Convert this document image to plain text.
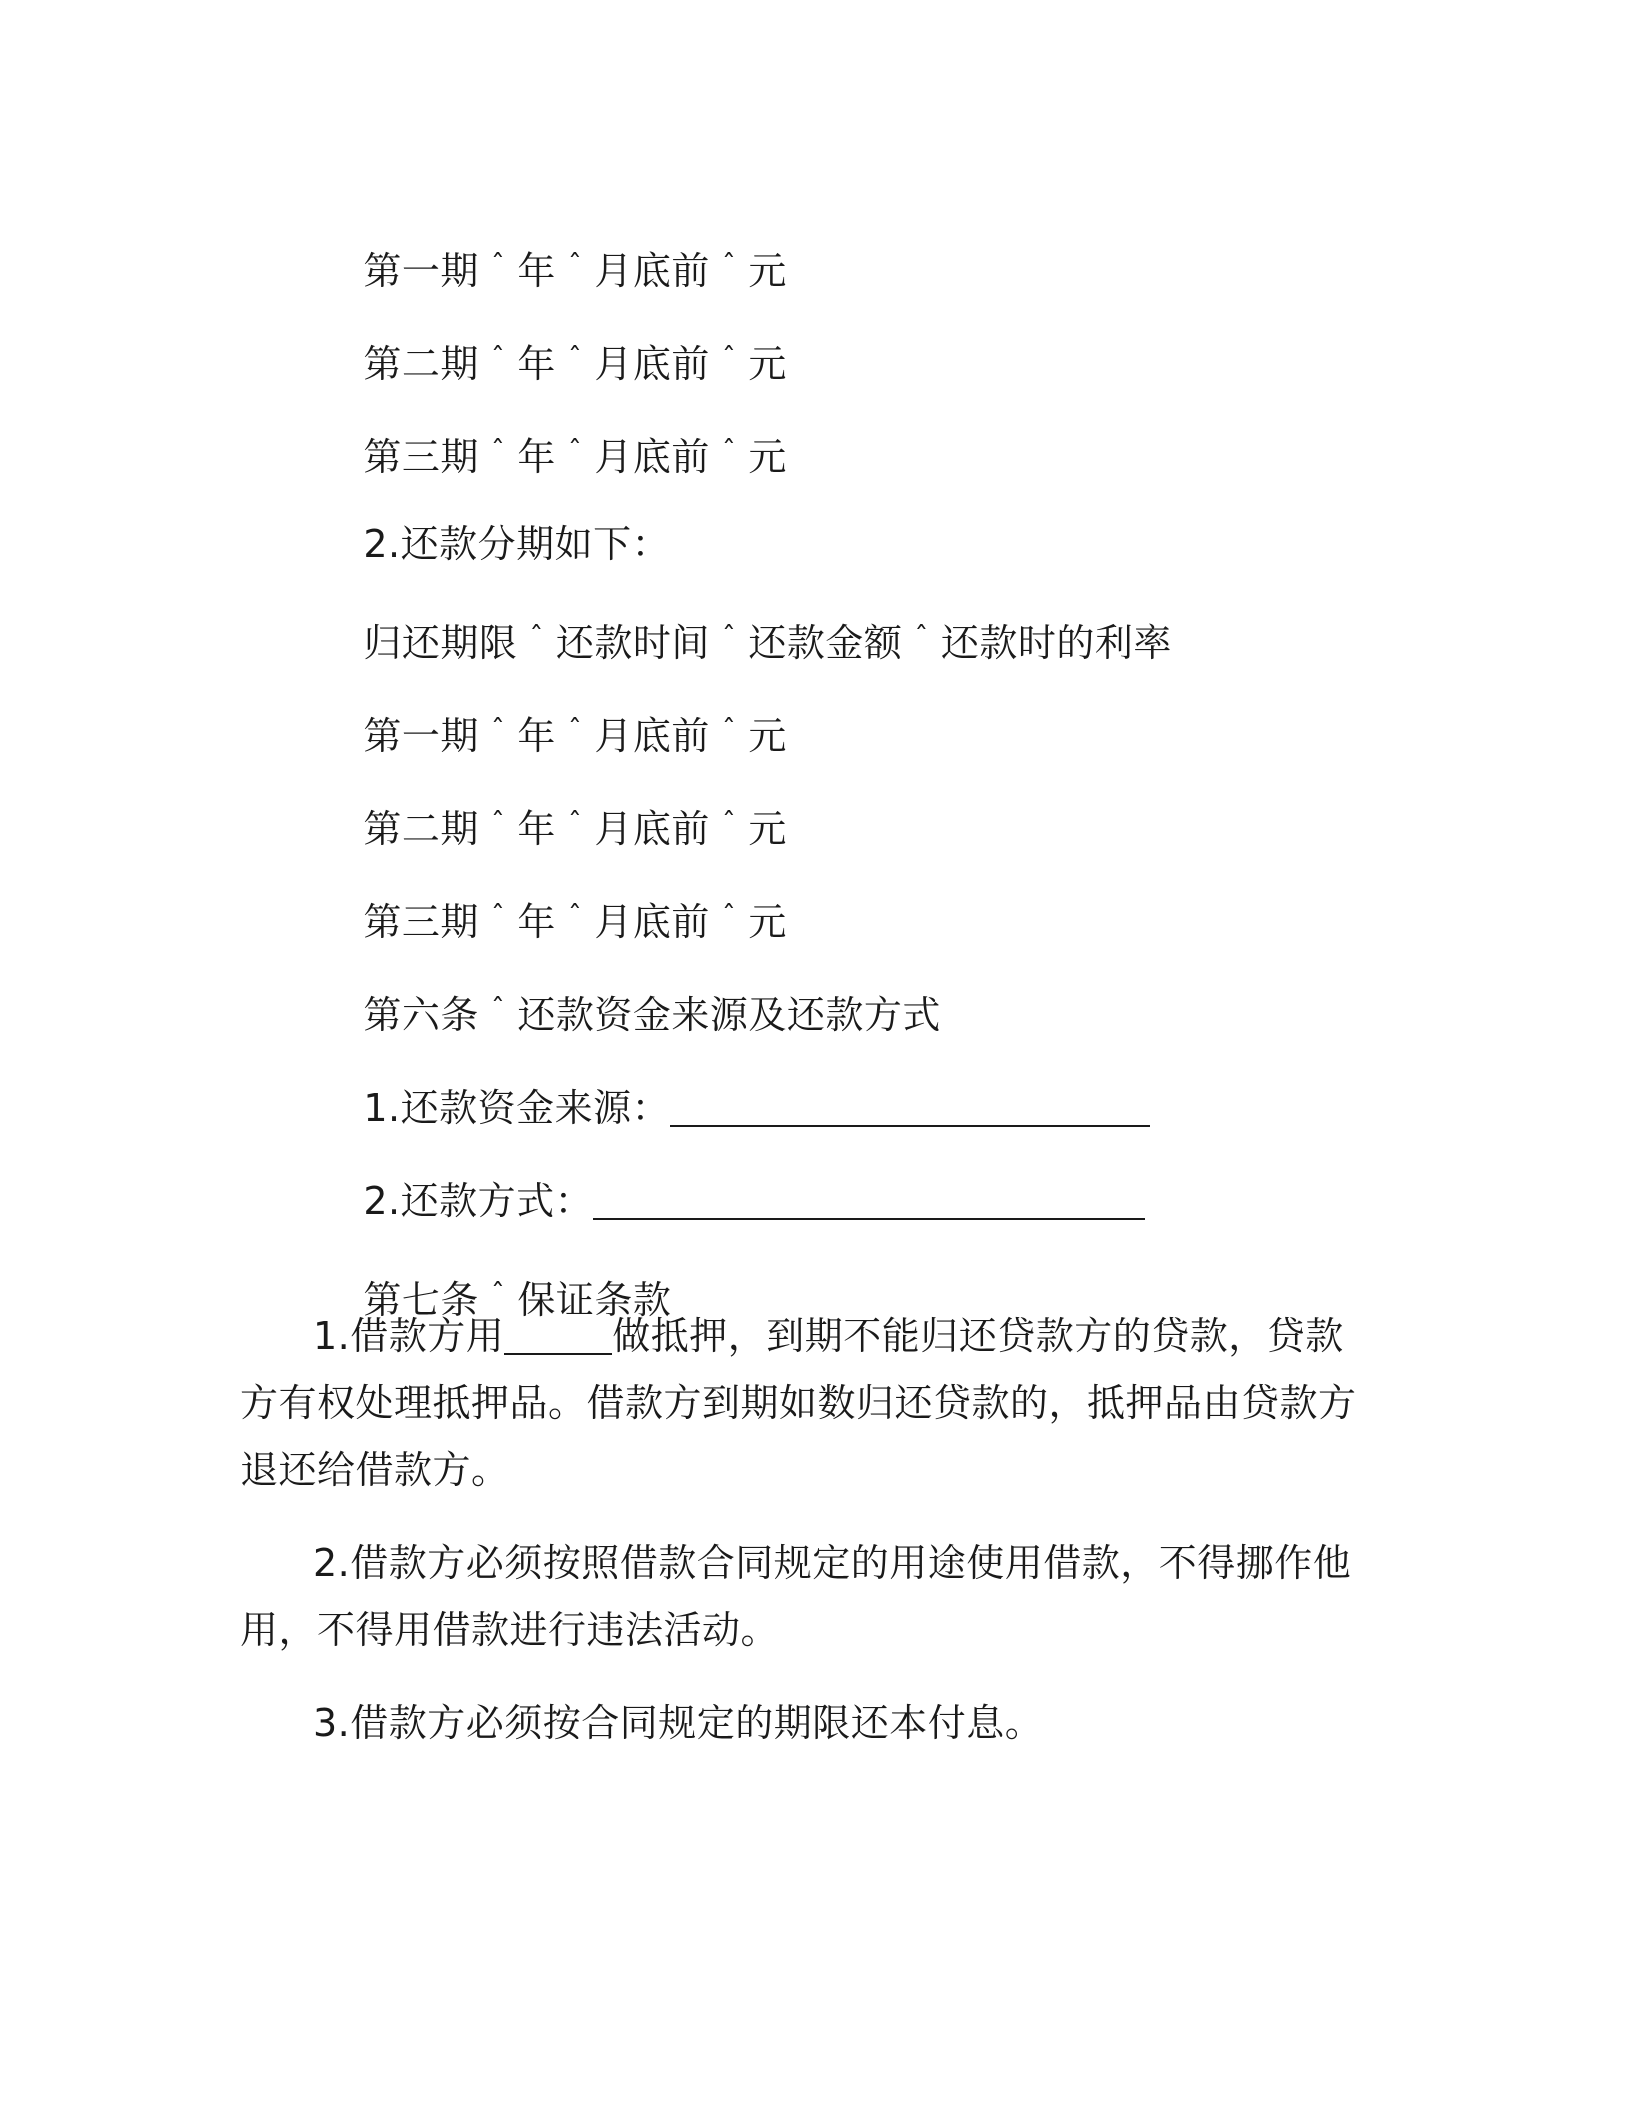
第一期 ˆ 年 ˆ 月底前 ˆ 元

第二期 ˆ 年 ˆ 月底前 ˆ 元

第三期 ˆ 年 ˆ 月底前 ˆ 元

2.还款分期如下：

归还期限 ˆ 还款时间 ˆ 还款金额 ˆ 还款时的利率

第一期 ˆ 年 ˆ 月底前 ˆ 元

第二期 ˆ 年 ˆ 月底前 ˆ 元

第三期 ˆ 年 ˆ 月底前 ˆ 元

第六条 ˆ 还款资金来源及还款方式

1.还款资金来源：

2.还款方式：

第七条 ˆ 保证条款

1.借款方用	做抵押，到期不能归还贷款方的贷款，贷款方有权处理抵押品。借款方到期如数归还贷款的，抵押品由贷款方退还给借款方。
2.借款方必须按照借款合同规定的用途使用借款，不得挪作他用，不得用借款进行违法活动。
3.借款方必须按合同规定的期限还本付息。
